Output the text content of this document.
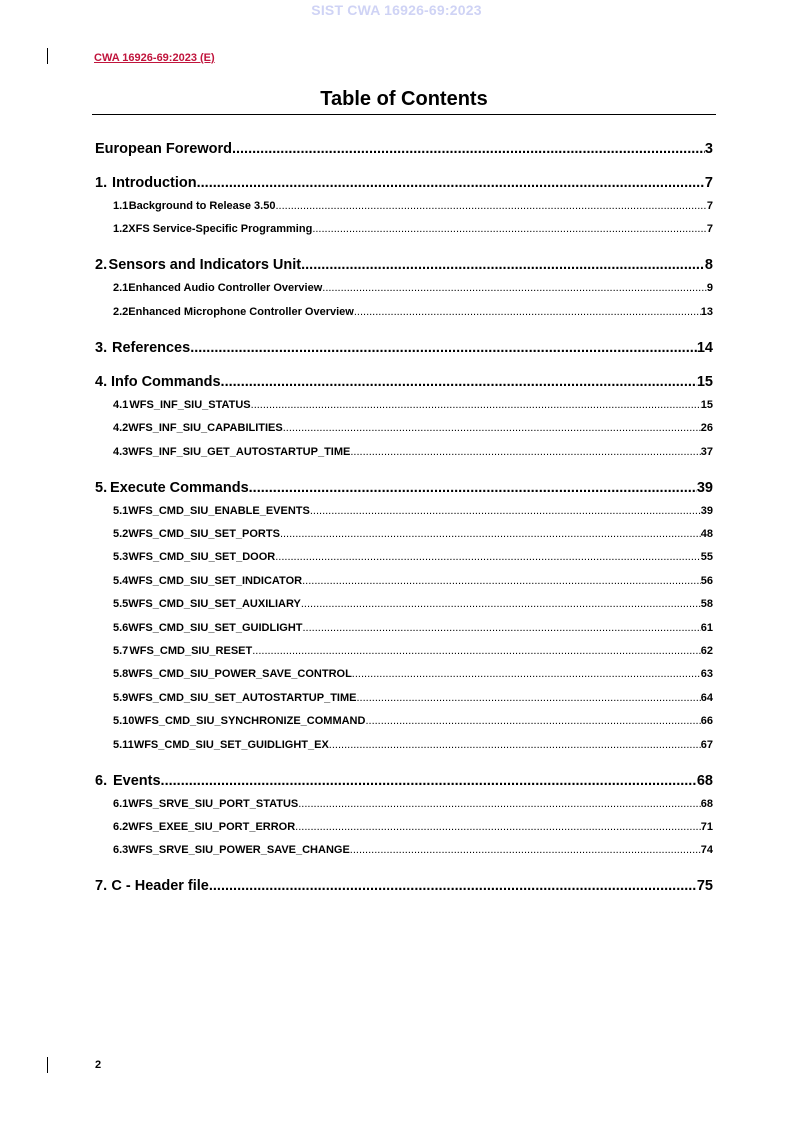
SIST CWA 16926-69:2023
CWA 16926-69:2023 (E)
Table of Contents
European Foreword .....	3
1. Introduction .....	7
1.1 Background to Release 3.50 .....	7
1.2 XFS Service-Specific Programming .....	7
2. Sensors and Indicators Unit .....	8
2.1 Enhanced Audio Controller Overview .....	9
2.2 Enhanced Microphone Controller Overview .....	13
3. References .....	14
4. Info Commands .....	15
4.1 WFS_INF_SIU_STATUS .....	15
4.2 WFS_INF_SIU_CAPABILITIES .....	26
4.3 WFS_INF_SIU_GET_AUTOSTARTUP_TIME .....	37
5. Execute Commands .....	39
5.1 WFS_CMD_SIU_ENABLE_EVENTS .....	39
5.2 WFS_CMD_SIU_SET_PORTS .....	48
5.3 WFS_CMD_SIU_SET_DOOR .....	55
5.4 WFS_CMD_SIU_SET_INDICATOR .....	56
5.5 WFS_CMD_SIU_SET_AUXILIARY .....	58
5.6 WFS_CMD_SIU_SET_GUIDLIGHT .....	61
5.7 WFS_CMD_SIU_RESET .....	62
5.8 WFS_CMD_SIU_POWER_SAVE_CONTROL .....	63
5.9 WFS_CMD_SIU_SET_AUTOSTARTUP_TIME .....	64
5.10 WFS_CMD_SIU_SYNCHRONIZE_COMMAND .....	66
5.11 WFS_CMD_SIU_SET_GUIDLIGHT_EX .....	67
6. Events .....	68
6.1 WFS_SRVE_SIU_PORT_STATUS .....	68
6.2 WFS_EXEE_SIU_PORT_ERROR .....	71
6.3 WFS_SRVE_SIU_POWER_SAVE_CHANGE .....	74
7. C - Header file .....	75
2
